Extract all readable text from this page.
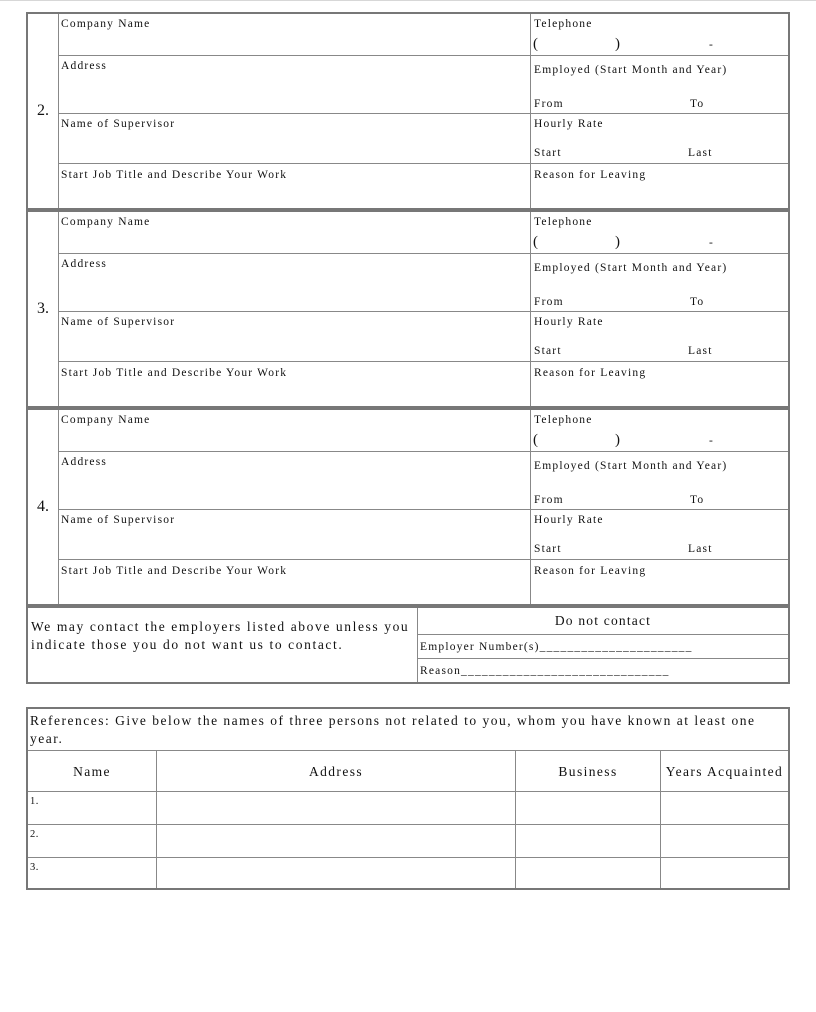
2.
Company Name	Telephone
(	)	-
Address	Employed (Start Month and Year)
From	To
Name of Supervisor	Hourly Rate
Start	Last
Start Job Title and Describe Your Work	Reason for Leaving
3.
Company Name	Telephone
(	)	-
Address	Employed (Start Month and Year)
From	To
Name of Supervisor	Hourly Rate
Start	Last
Start Job Title and Describe Your Work	Reason for Leaving
4.
Company Name	Telephone
(	)	-
Address	Employed (Start Month and Year)
From	To
Name of Supervisor	Hourly Rate
Start	Last
Start Job Title and Describe Your Work	Reason for Leaving
We may contact the employers listed above unless you indicate those you do not want us to contact.
Do not contact
Employer Number(s)______________________
Reason______________________________
References: Give below the names of three persons not related to you, whom you have known at least one year.
Name	Address	Business	Years Acquainted
1.
2.
3.
